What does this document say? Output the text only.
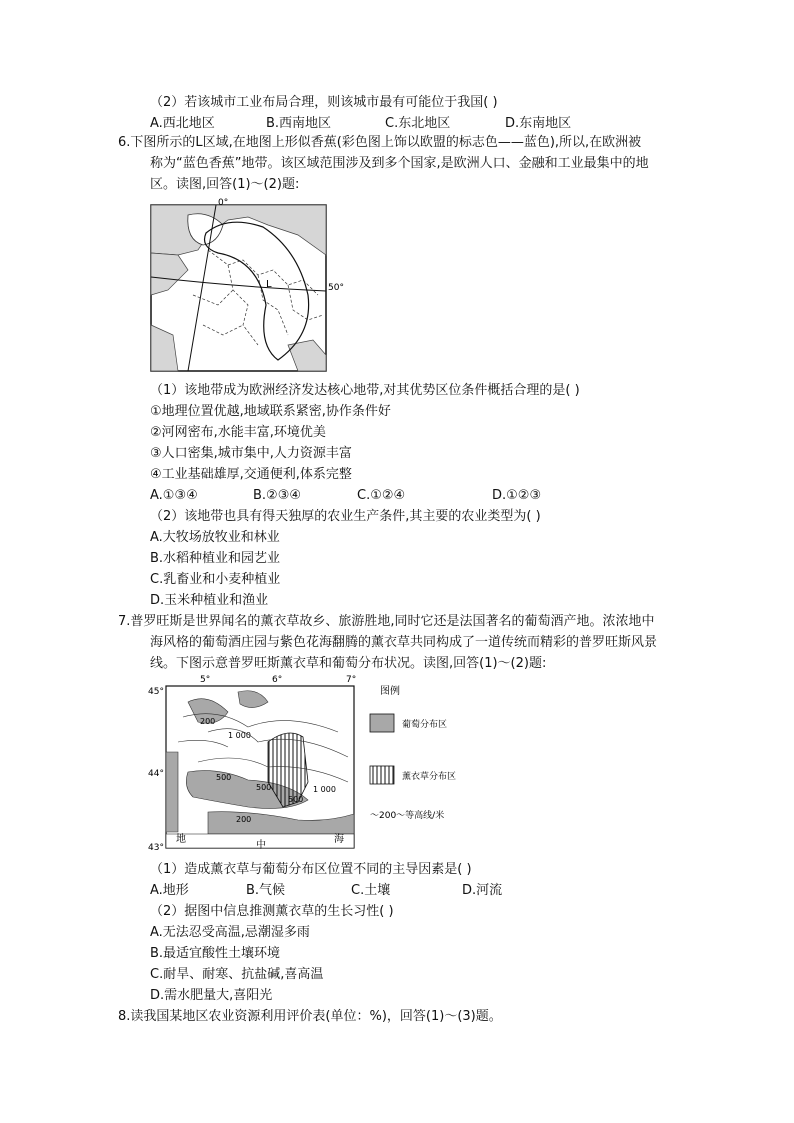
（2）若该城市工业布局合理，则该城市最有可能位于我国( )
A.西北地区	B.西南地区	C.东北地区	D.东南地区
6.下图所示的L区域,在地图上形似香蕉(彩色图上饰以欧盟的标志色——蓝色),所以,在欧洲被
称为“蓝色香蕉”地带。该区域范围涉及到多个国家,是欧洲人口、金融和工业最集中的地
区。读图,回答(1)～(2)题:
0°
50°
L
（1）该地带成为欧洲经济发达核心地带,对其优势区位条件概括合理的是( )
①地理位置优越,地域联系紧密,协作条件好
②河网密布,水能丰富,环境优美
③人口密集,城市集中,人力资源丰富
④工业基础雄厚,交通便利,体系完整
A.①③④	B.②③④	C.①②④	D.①②③
（2）该地带也具有得天独厚的农业生产条件,其主要的农业类型为( )
A.大牧场放牧业和林业
B.水稻种植业和园艺业
C.乳畜业和小麦种植业
D.玉米种植业和渔业
7.普罗旺斯是世界闻名的薰衣草故乡、旅游胜地,同时它还是法国著名的葡萄酒产地。浓浓地中
海风格的葡萄酒庄园与紫色花海翻腾的薰衣草共同构成了一道传统而精彩的普罗旺斯风景
线。下图示意普罗旺斯薰衣草和葡萄分布状况。读图,回答(1)～(2)题:
5°	6°	7°
45°
44°
43°
200
1 000
500
500	1 000
200
500
地
中
海
图例
葡萄分布区
薰衣草分布区
～200～等高线/米
（1）造成薰衣草与葡萄分布区位置不同的主导因素是( )
A.地形	B.气候	C.土壤	D.河流
（2）据图中信息推测薰衣草的生长习性( )
A.无法忍受高温,忌潮湿多雨
B.最适宜酸性土壤环境
C.耐旱、耐寒、抗盐碱,喜高温
D.需水肥量大,喜阳光
8.读我国某地区农业资源利用评价表(单位：%)，回答(1)～(3)题。
